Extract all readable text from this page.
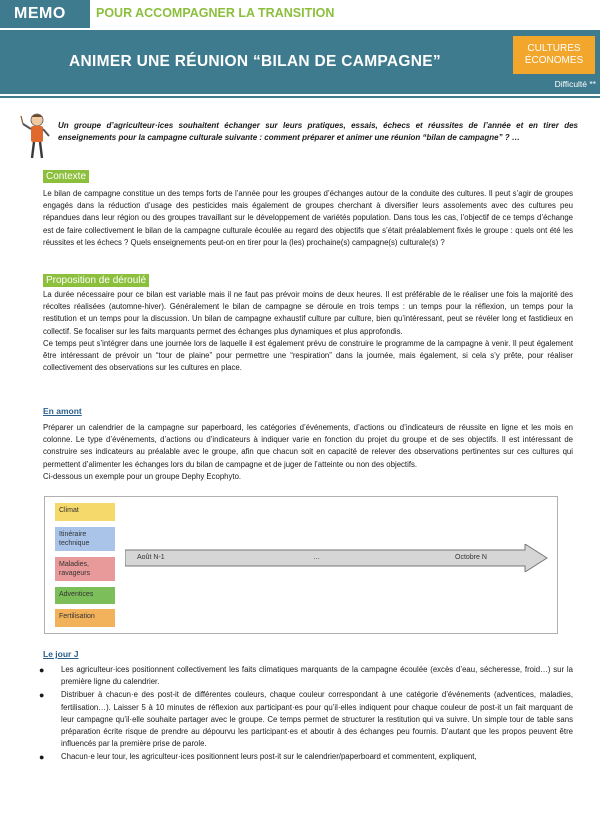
MEMO	POUR ACCOMPAGNER LA TRANSITION
ANIMER UNE RÉUNION “BILAN DE CAMPAGNE”
CULTURES
ÉCONOMES
Difficulté **
Un groupe d’agriculteur·ices souhaitent échanger sur leurs pratiques, essais, échecs et réussites de l’année et en tirer des enseignements pour la campagne culturale suivante : comment préparer et animer une réunion “bilan de campagne” ? …
Contexte
Le bilan de campagne constitue un des temps forts de l’année pour les groupes d’échanges autour de la conduite des cultures. Il peut s’agir de groupes engagés dans la réduction d’usage des pesticides mais également de groupes cherchant à diversifier leurs assolements avec des cultures peu répandues dans leur région ou des groupes travaillant sur le développement de variétés population. Dans tous les cas, l’objectif de ce temps d’échange est de faire collectivement le bilan de la campagne culturale écoulée au regard des objectifs que s’était préalablement fixés le groupe : quels ont été les réussites et les échecs ? Quels enseignements peut-on en tirer pour la (les) prochaine(s) campagne(s) culturale(s) ?
Proposition de déroulé
La durée nécessaire pour ce bilan est variable mais il ne faut pas prévoir moins de deux heures. Il est préférable de le réaliser une fois la majorité des récoltes réalisées (automne-hiver). Généralement le bilan de campagne se déroule en trois temps : un temps pour la réflexion, un temps pour la restitution et un temps pour la discussion. Un bilan de campagne exhaustif culture par culture, bien qu’intéressant, peut se révéler long et fastidieux en collectif. Se focaliser sur les faits marquants permet des échanges plus dynamiques et plus approfondis.
Ce temps peut s’intégrer dans une journée lors de laquelle il est également prévu de construire le programme de la campagne à venir. Il peut également être intéressant de prévoir un “tour de plaine” pour permettre une “respiration” dans la journée, mais également, si cela s’y prête, pour réaliser collectivement des observations sur les cultures en place.
En amont
Préparer un calendrier de la campagne sur paperboard, les catégories d’événements, d’actions ou d’indicateurs de réussite en ligne et les mois en colonne. Le type d’événements, d’actions ou d’indicateurs à indiquer varie en fonction du projet du groupe et de ses objectifs. Il est intéressant de construire ses indicateurs au préalable avec le groupe, afin que chacun soit en capacité de relever des observations pertinentes sur ces cultures qui permettent d’alimenter les échanges lors du bilan de campagne et de juger de l’atteinte ou non des objectifs.
Ci-dessous un exemple pour un groupe Dephy Ecophyto.
Climat
Itinéraire technique
Maladies, ravageurs
Adventices
Fertilisation
Août N-1	…	Octobre N
Le jour J
● Les agriculteur·ices positionnent collectivement les faits climatiques marquants de la campagne écoulée (excès d’eau, sécheresse, froid…) sur la première ligne du calendrier.
● Distribuer à chacun·e des post-it de différentes couleurs, chaque couleur correspondant à une catégorie d’événements (adventices, maladies, fertilisation…). Laisser 5 à 10 minutes de réflexion aux participant·es pour qu’il·elles indiquent pour chaque couleur de post-it un fait marquant de leur campagne qu’il·elle souhaite partager avec le groupe. Ce temps permet de structurer la restitution qui va suivre. Un simple tour de table sans préparation écrite risque de prendre au dépourvu les participant·es et aboutir à des échanges peu fournis. D’autant que les propos peuvent être influencés par la première prise de parole.
● Chacun·e leur tour, les agriculteur·ices positionnent leurs post-it sur le calendrier/paperboard et commentent, expliquent,
